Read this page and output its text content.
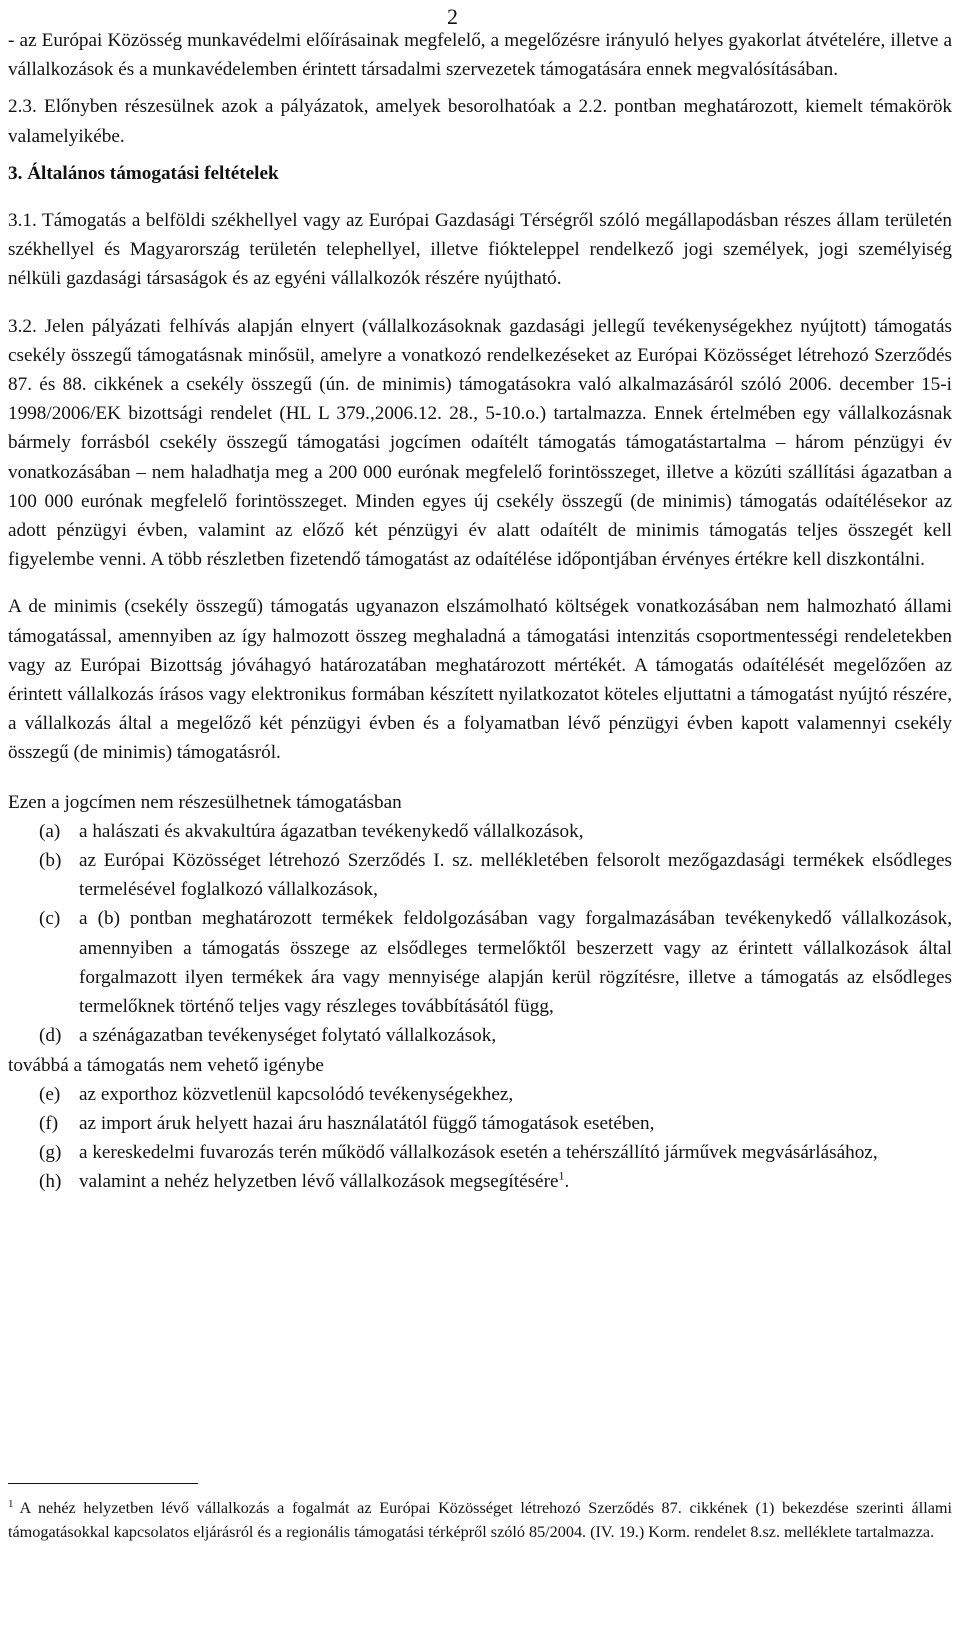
2

- az Európai Közösség munkavédelmi előírásainak megfelelő, a megelőzésre irányuló helyes gyakorlat átvételére, illetve a vállalkozások és a munkavédelemben érintett társadalmi szervezetek támogatására ennek megvalósításában.

2.3. Előnyben részesülnek azok a pályázatok, amelyek besorolhatóak a 2.2. pontban meghatározott, kiemelt témakörök valamelyikébe.

3. Általános támogatási feltételek

3.1. Támogatás a belföldi székhellyel vagy az Európai Gazdasági Térségről szóló megállapodásban részes állam területén székhellyel és Magyarország területén telephellyel, illetve fiókteleppel rendelkező jogi személyek, jogi személyiség nélküli gazdasági társaságok és az egyéni vállalkozók részére nyújtható.

3.2. Jelen pályázati felhívás alapján elnyert (vállalkozásoknak gazdasági jellegű tevékenységekhez nyújtott) támogatás csekély összegű támogatásnak minősül, amelyre a vonatkozó rendelkezéseket az Európai Közösséget létrehozó Szerződés 87. és 88. cikkének a csekély összegű (ún. de minimis) támogatásokra való alkalmazásáról szóló 2006. december 15-i 1998/2006/EK bizottsági rendelet (HL L 379.,2006.12. 28., 5-10.o.) tartalmazza. Ennek értelmében egy vállalkozásnak bármely forrásból csekély összegű támogatási jogcímen odaítélt támogatás támogatástartalma – három pénzügyi év vonatkozásában – nem haladhatja meg a 200 000 eurónak megfelelő forintösszeget, illetve a közúti szállítási ágazatban a 100 000 eurónak megfelelő forintösszeget. Minden egyes új csekély összegű (de minimis) támogatás odaítélésekor az adott pénzügyi évben, valamint az előző két pénzügyi év alatt odaítélt de minimis támogatás teljes összegét kell figyelembe venni. A több részletben fizetendő támogatást az odaítélése időpontjában érvényes értékre kell diszkontálni.

A de minimis (csekély összegű) támogatás ugyanazon elszámolható költségek vonatkozásában nem halmozható állami támogatással, amennyiben az így halmozott összeg meghaladná a támogatási intenzitás csoportmentességi rendeletekben vagy az Európai Bizottság jóváhagyó határozatában meghatározott mértékét. A támogatás odaítélését megelőzően az érintett vállalkozás írásos vagy elektronikus formában készített nyilatkozatot köteles eljuttatni a támogatást nyújtó részére, a vállalkozás által a megelőző két pénzügyi évben és a folyamatban lévő pénzügyi évben kapott valamennyi csekély összegű (de minimis) támogatásról.

Ezen a jogcímen nem részesülhetnek támogatásban

(a) a halászati és akvakultúra ágazatban tevékenykedő vállalkozások,
(b) az Európai Közösséget létrehozó Szerződés I. sz. mellékletében felsorolt mezőgazdasági termékek elsődleges termelésével foglalkozó vállalkozások,
(c) a (b) pontban meghatározott termékek feldolgozásában vagy forgalmazásában tevékenykedő vállalkozások, amennyiben a támogatás összege az elsődleges termelőktől beszerzett vagy az érintett vállalkozások által forgalmazott ilyen termékek ára vagy mennyisége alapján kerül rögzítésre, illetve a támogatás az elsődleges termelőknek történő teljes vagy részleges továbbításától függ,
(d) a szénágazatban tevékenységet folytató vállalkozások,

továbbá a támogatás nem vehető igénybe

(e) az exporthoz közvetlenül kapcsolódó tevékenységekhez,
(f) az import áruk helyett hazai áru használatától függő támogatások esetében,
(g) a kereskedelmi fuvarozás terén működő vállalkozások esetén a tehérszállító járművek megvásárlásához,
(h) valamint a nehéz helyzetben lévő vállalkozások megsegítésére$^1$.

$^1$ A nehéz helyzetben lévő vállalkozás a fogalmát az Európai Közösséget létrehozó Szerződés 87. cikkének (1) bekezdése szerinti állami támogatásokkal kapcsolatos eljárásról és a regionális támogatási térképről szóló 85/2004. (IV. 19.) Korm. rendelet 8.sz. melléklete tartalmazza.
